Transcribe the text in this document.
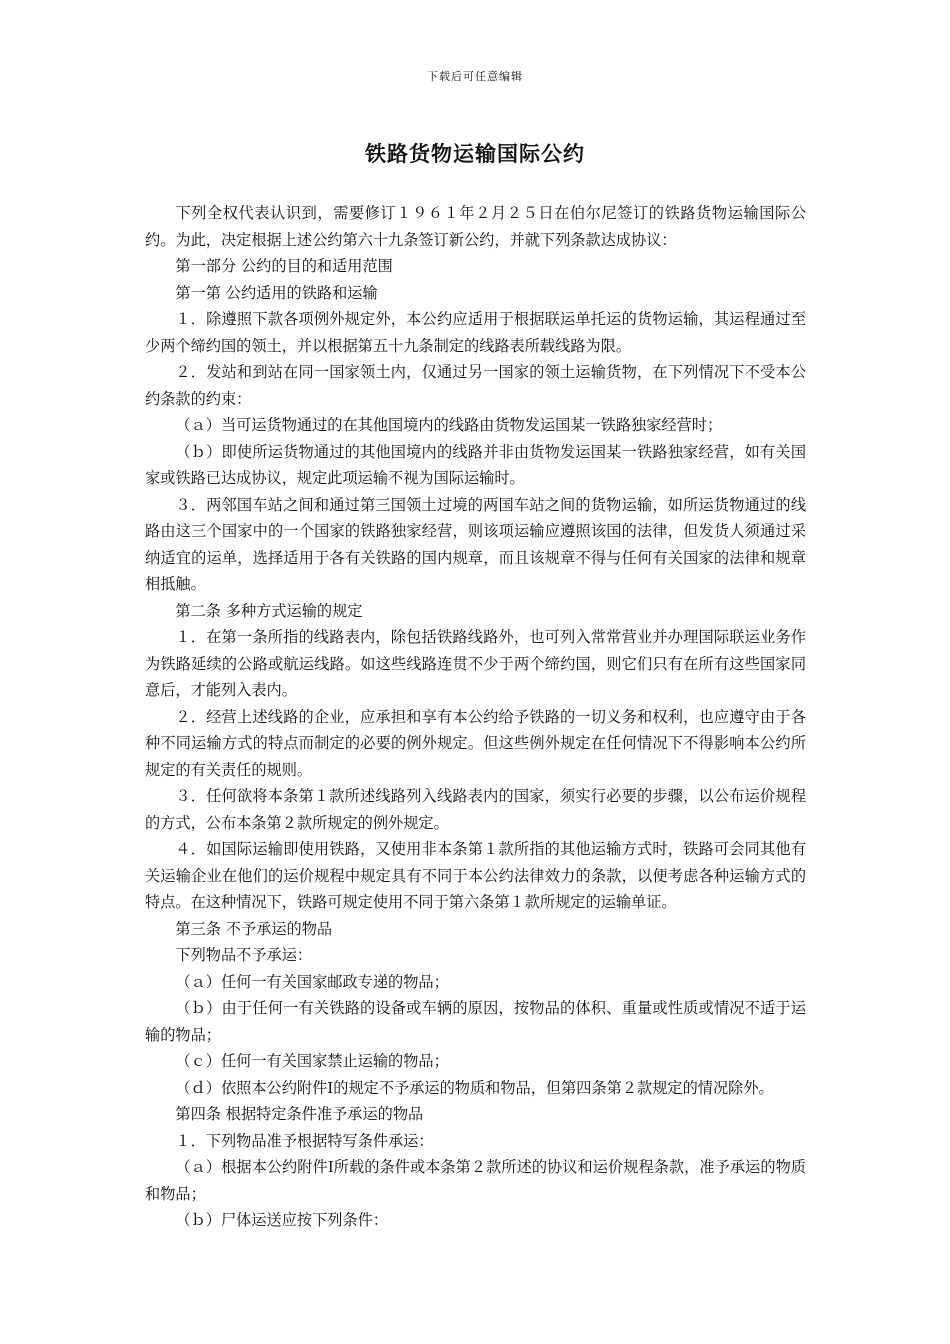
下载后可任意编辑
铁路货物运输国际公约

下列全权代表认识到，需要修订１９６１年２月２５日在伯尔尼签订的铁路货物运输国际公约。为此，决定根据上述公约第六十九条签订新公约，并就下列条款达成协议：

第一部分 公约的目的和适用范围

第一第 公约适用的铁路和运输

１．除遵照下款各项例外规定外，本公约应适用于根据联运单托运的货物运输，其运程通过至少两个缔约国的领土，并以根据第五十九条制定的线路表所载线路为限。

２．发站和到站在同一国家领土内，仅通过另一国家的领土运输货物，在下列情况下不受本公约条款的约束：

（ａ）当可运货物通过的在其他国境内的线路由货物发运国某一铁路独家经营时；

（ｂ）即使所运货物通过的其他国境内的线路并非由货物发运国某一铁路独家经营，如有关国家或铁路已达成协议，规定此项运输不视为国际运输时。

３．两邻国车站之间和通过第三国领土过境的两国车站之间的货物运输，如所运货物通过的线路由这三个国家中的一个国家的铁路独家经营，则该项运输应遵照该国的法律，但发货人须通过采纳适宜的运单，选择适用于各有关铁路的国内规章，而且该规章不得与任何有关国家的法律和规章相抵触。

第二条 多种方式运输的规定

１．在第一条所指的线路表内，除包括铁路线路外，也可列入常常营业并办理国际联运业务作为铁路延续的公路或航运线路。如这些线路连贯不少于两个缔约国，则它们只有在所有这些国家同意后，才能列入表内。

２．经营上述线路的企业，应承担和享有本公约给予铁路的一切义务和权利，也应遵守由于各种不同运输方式的特点而制定的必要的例外规定。但这些例外规定在任何情况下不得影响本公约所规定的有关责任的规则。

３．任何欲将本条第１款所述线路列入线路表内的国家，须实行必要的步骤，以公布运价规程的方式，公布本条第２款所规定的例外规定。

４．如国际运输即使用铁路，又使用非本条第１款所指的其他运输方式时，铁路可会同其他有关运输企业在他们的运价规程中规定具有不同于本公约法律效力的条款，以便考虑各种运输方式的特点。在这种情况下，铁路可规定使用不同于第六条第１款所规定的运输单证。

第三条 不予承运的物品

下列物品不予承运：

（ａ）任何一有关国家邮政专递的物品；

（ｂ）由于任何一有关铁路的设备或车辆的原因，按物品的体积、重量或性质或情况不适于运输的物品；

（ｃ）任何一有关国家禁止运输的物品；

（ｄ）依照本公约附件Ⅰ的规定不予承运的物质和物品，但第四条第２款规定的情况除外。

第四条 根据特定条件准予承运的物品

１．下列物品准予根据特写条件承运：

（ａ）根据本公约附件Ⅰ所载的条件或本条第２款所述的协议和运价规程条款，准予承运的物质和物品；

（ｂ）尸体运送应按下列条件：
